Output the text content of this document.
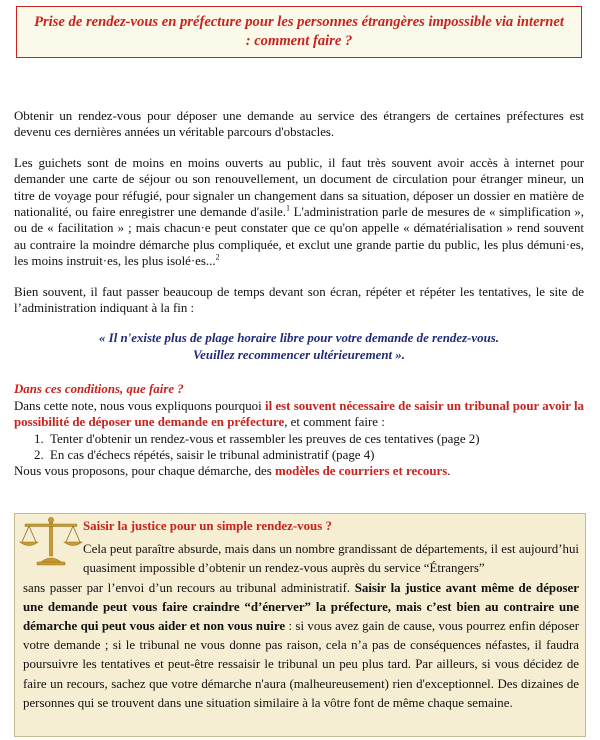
Prise de rendez-vous en préfecture pour les personnes étrangères impossible via internet : comment faire ?

Obtenir un rendez-vous pour déposer une demande au service des étrangers de certaines préfectures est devenu ces dernières années un véritable parcours d'obstacles.

Les guichets sont de moins en moins ouverts au public, il faut très souvent avoir accès à internet pour demander une carte de séjour ou son renouvellement, un document de circulation pour étranger mineur, un titre de voyage pour réfugié, pour signaler un changement dans sa situation, déposer un dossier en matière de nationalité, ou faire enregistrer une demande d'asile.$^1$ L'administration parle de mesures de « simplification », ou de « facilitation » ; mais chacun·e peut constater que ce qu'on appelle « dématérialisation » rend souvent au contraire la moindre démarche plus compliquée, et exclut une grande partie du public, les plus démuni·es, les moins instruit·es, les plus isolé·es...$^2$

Bien souvent, il faut passer beaucoup de temps devant son écran, répéter et répéter les tentatives, le site de l’administration indiquant à la fin :

« Il n'existe plus de plage horaire libre pour votre demande de rendez-vous.
Veuillez recommencer ultérieurement ».

Dans ces conditions, que faire ?
Dans cette note, nous vous expliquons pourquoi il est souvent nécessaire de saisir un tribunal pour avoir la possibilité de déposer une demande en préfecture, et comment faire :
1. Tenter d'obtenir un rendez-vous et rassembler les preuves de ces tentatives (page 2)
2. En cas d'échecs répétés, saisir le tribunal administratif (page 4)
Nous vous proposons, pour chaque démarche, des modèles de courriers et recours.
Saisir la justice pour un simple rendez-vous ?
Cela peut paraître absurde, mais dans un nombre grandissant de départements, il est aujourd’hui quasiment impossible d’obtenir un rendez-vous auprès du service “Étrangers”
sans passer par l’envoi d’un recours au tribunal administratif. Saisir la justice avant même de déposer une demande peut vous faire craindre “d’énerver” la préfecture, mais c’est bien au contraire une démarche qui peut vous aider et non vous nuire : si vous avez gain de cause, vous pourrez enfin déposer votre demande ; si le tribunal ne vous donne pas raison, cela n’a pas de conséquences néfastes, il faudra poursuivre les tentatives et peut-être ressaisir le tribunal un peu plus tard. Par ailleurs, si vous décidez de faire un recours, sachez que votre démarche n'aura (malheureusement) rien d'exceptionnel. Des dizaines de personnes qui se trouvent dans une situation similaire à la vôtre font de même chaque semaine.
